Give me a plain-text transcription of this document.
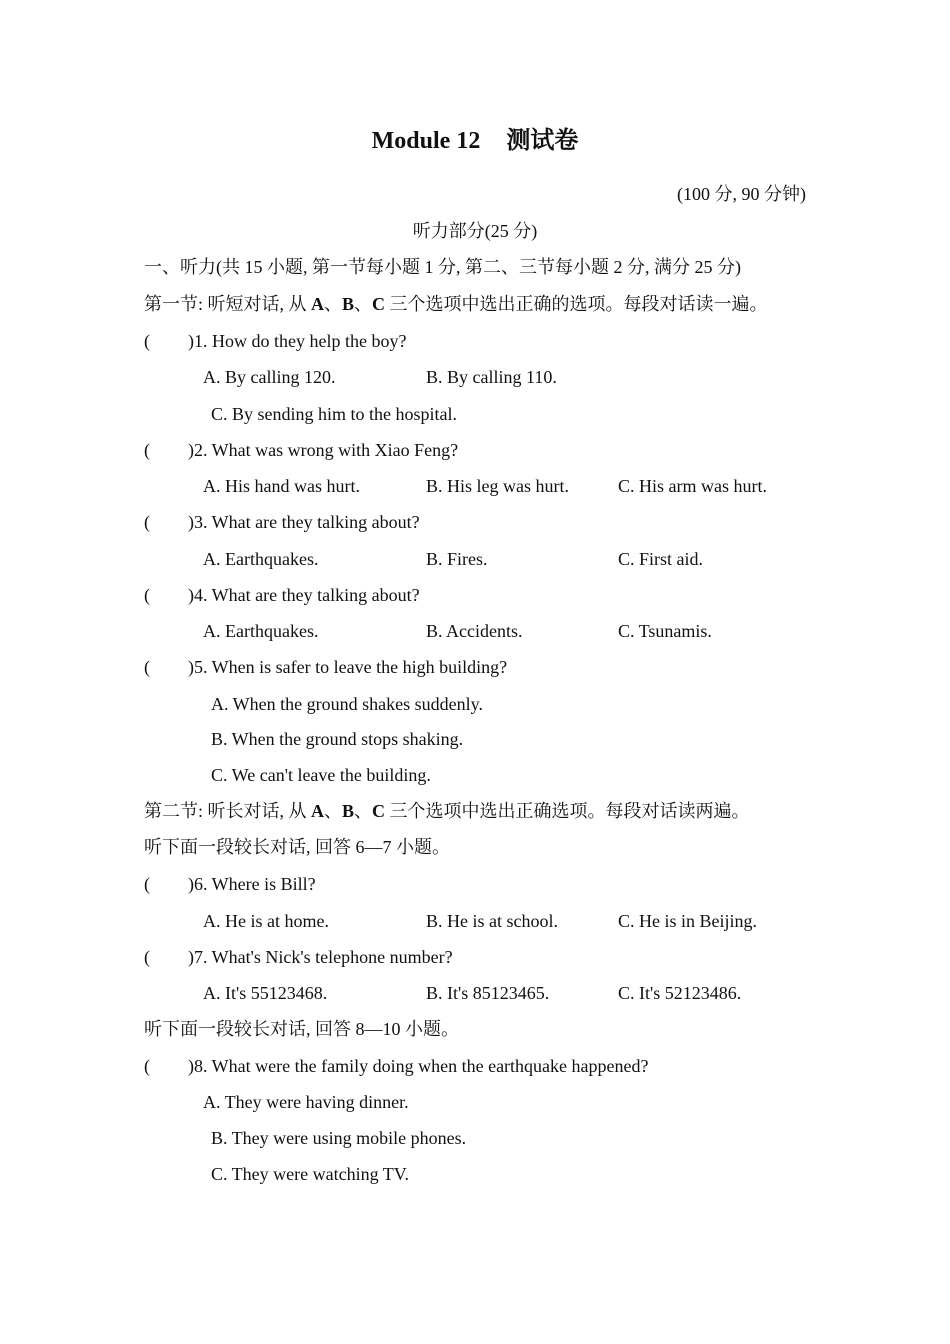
Module 12 测试卷
(100 分, 90 分钟)
听力部分(25 分)
一、听力(共 15 小题, 第一节每小题 1 分, 第二、三节每小题 2 分, 满分 25 分)
第一节: 听短对话, 从 A、B、C 三个选项中选出正确的选项。每段对话读一遍。
( )1. How do they help the boy?
A. By calling 120.	B. By calling 110.
C. By sending him to the hospital.
( )2. What was wrong with Xiao Feng?
A. His hand was hurt.	B. His leg was hurt.	C. His arm was hurt.
( )3. What are they talking about?
A. Earthquakes.	B. Fires.	C. First aid.
( )4. What are they talking about?
A. Earthquakes.	B. Accidents.	C. Tsunamis.
( )5. When is safer to leave the high building?
A. When the ground shakes suddenly.
B. When the ground stops shaking.
C. We can't leave the building.
第二节: 听长对话, 从 A、B、C 三个选项中选出正确选项。每段对话读两遍。
听下面一段较长对话, 回答 6—7 小题。
( )6. Where is Bill?
A. He is at home.	B. He is at school.	C. He is in Beijing.
( )7. What's Nick's telephone number?
A. It's 55123468.	B. It's 85123465.	C. It's 52123486.
听下面一段较长对话, 回答 8—10 小题。
( )8. What were the family doing when the earthquake happened?
A. They were having dinner.
B. They were using mobile phones.
C. They were watching TV.
